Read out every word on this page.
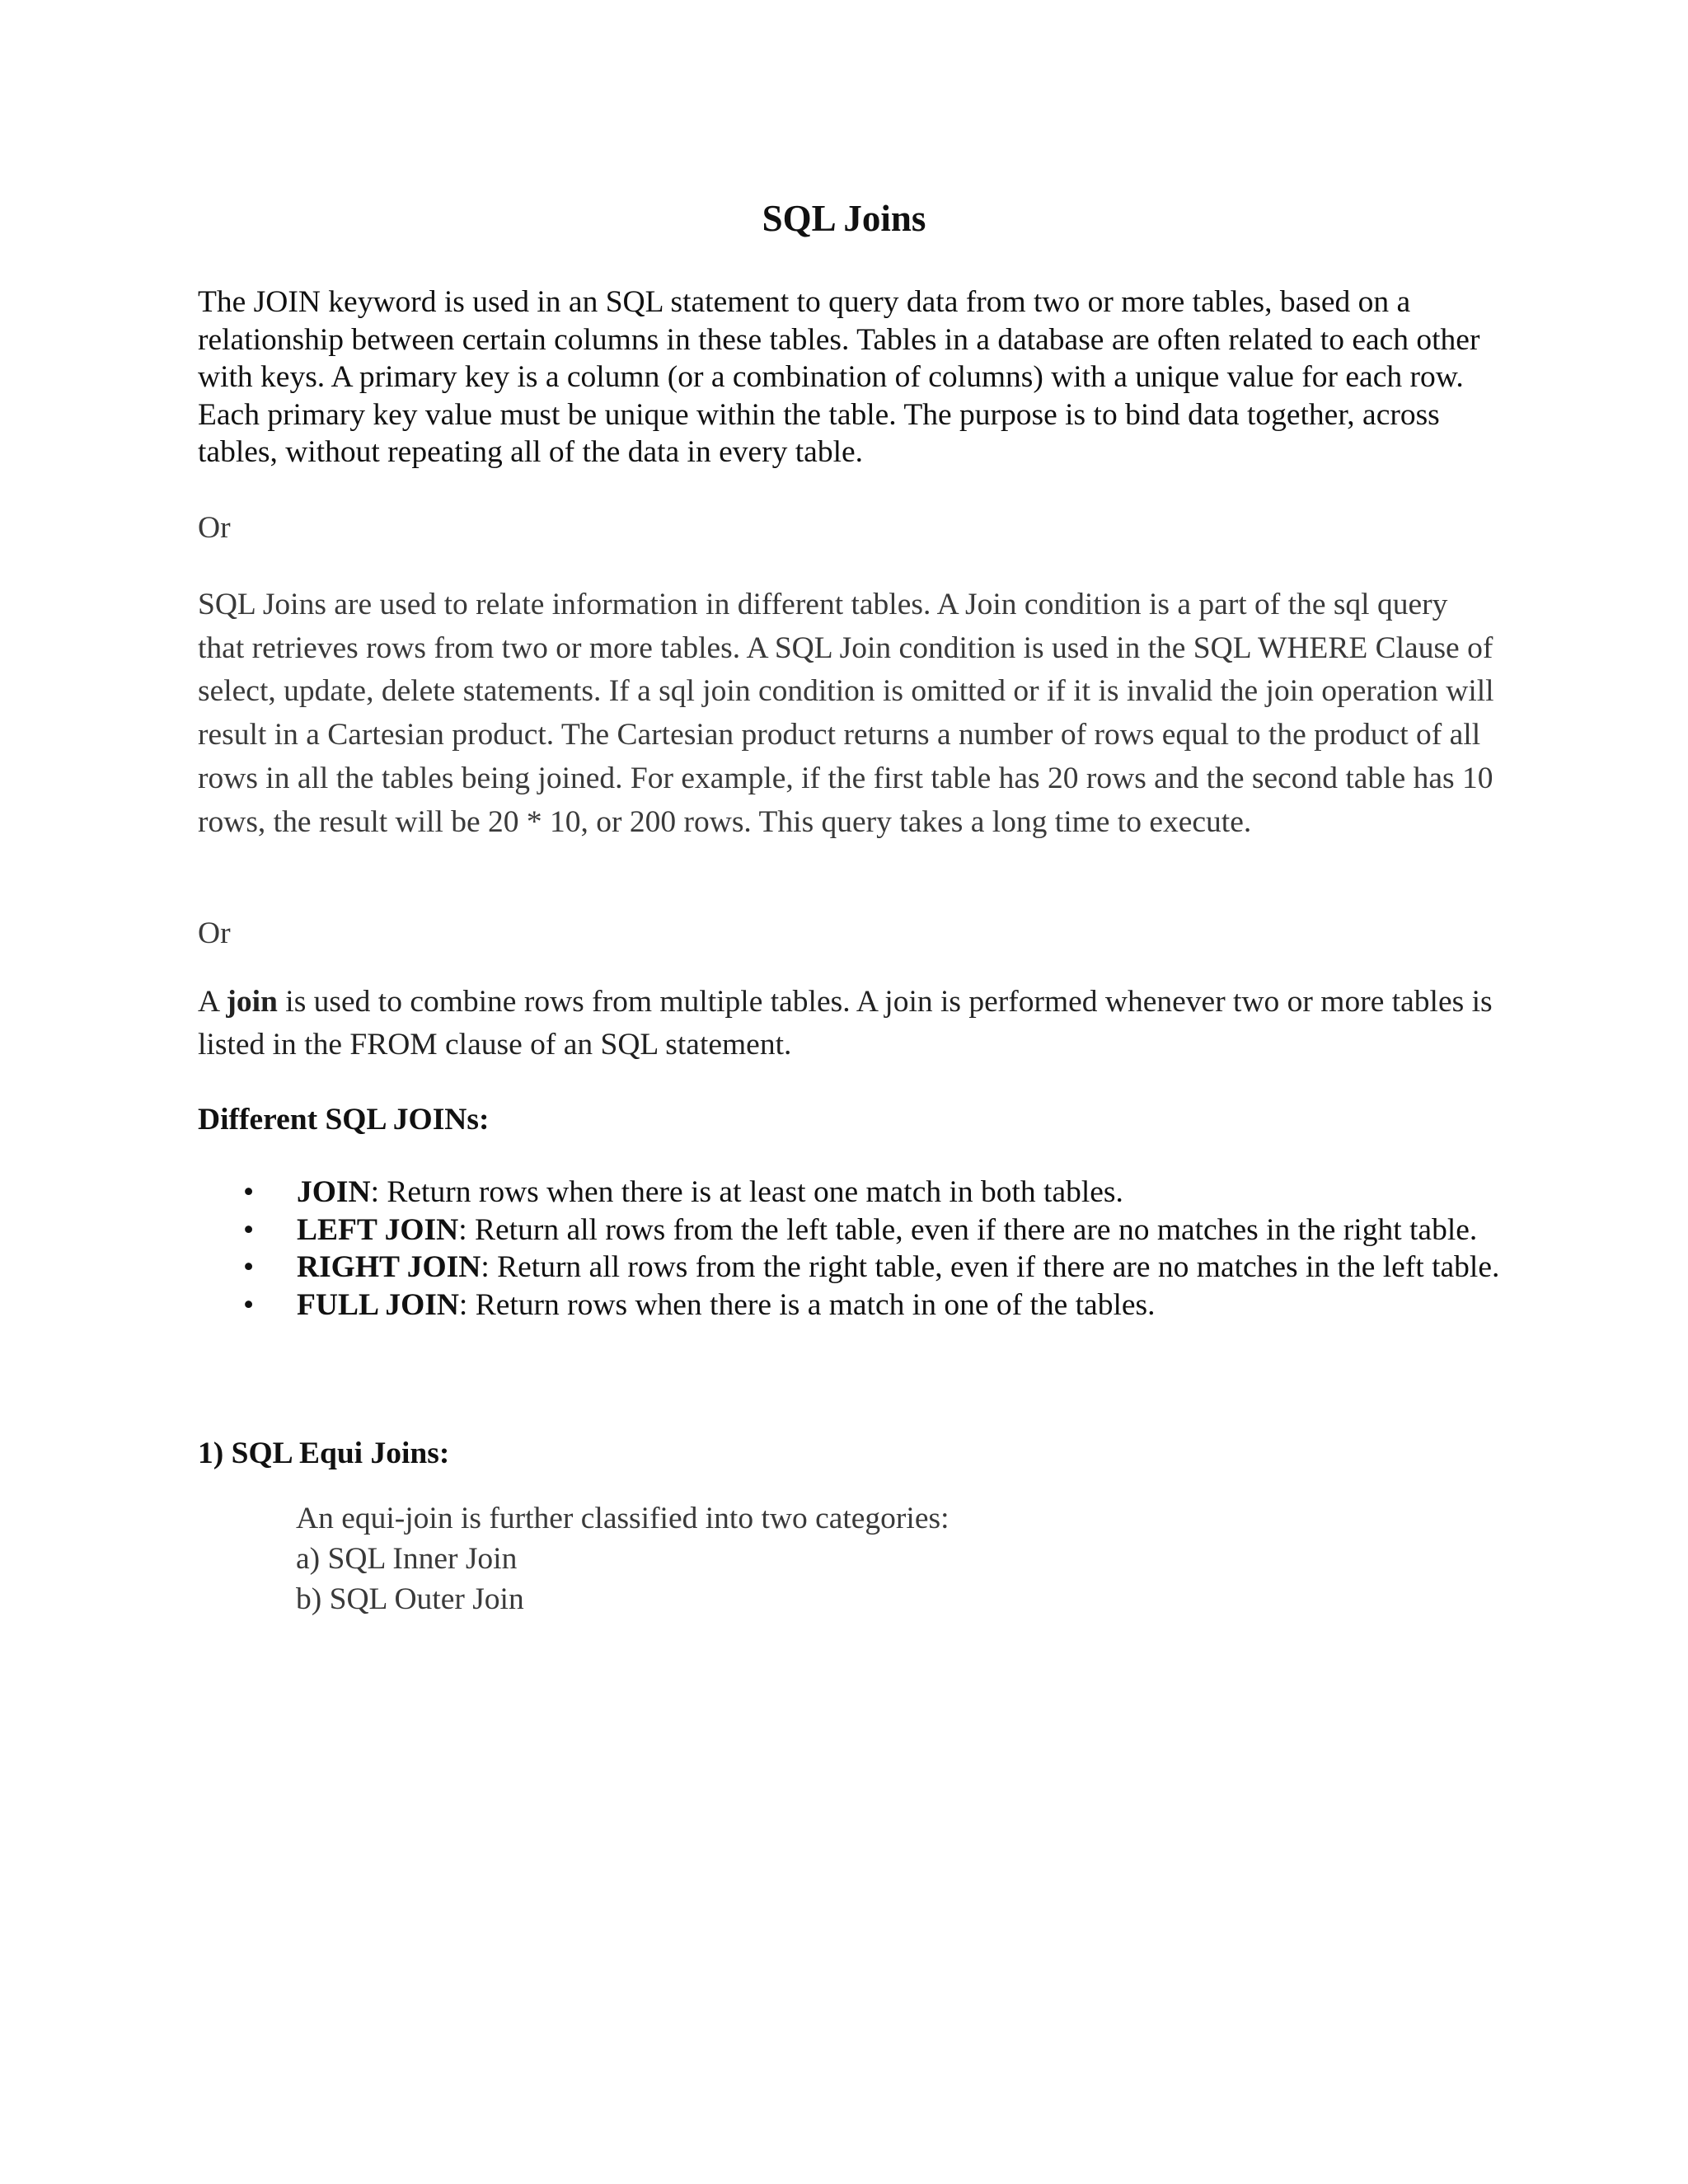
SQL Joins

The JOIN keyword is used in an SQL statement to query data from two or more tables, based on a relationship between certain columns in these tables. Tables in a database are often related to each other with keys. A primary key is a column (or a combination of columns) with a unique value for each row. Each primary key value must be unique within the table. The purpose is to bind data together, across tables, without repeating all of the data in every table.

Or

SQL Joins are used to relate information in different tables. A Join condition is a part of the sql query that retrieves rows from two or more tables. A SQL Join condition is used in the SQL WHERE Clause of select, update, delete statements. If a sql join condition is omitted or if it is invalid the join operation will result in a Cartesian product. The Cartesian product returns a number of rows equal to the product of all rows in all the tables being joined. For example, if the first table has 20 rows and the second table has 10 rows, the result will be 20 * 10, or 200 rows. This query takes a long time to execute.

Or

A join is used to combine rows from multiple tables. A join is performed whenever two or more tables is listed in the FROM clause of an SQL statement.

Different SQL JOINs:

•	JOIN: Return rows when there is at least one match in both tables.
•	LEFT JOIN: Return all rows from the left table, even if there are no matches in the right table.
•	RIGHT JOIN: Return all rows from the right table, even if there are no matches in the left table.
•	FULL JOIN: Return rows when there is a match in one of the tables.

1) SQL Equi Joins:

An equi-join is further classified into two categories:
a) SQL Inner Join
b) SQL Outer Join
